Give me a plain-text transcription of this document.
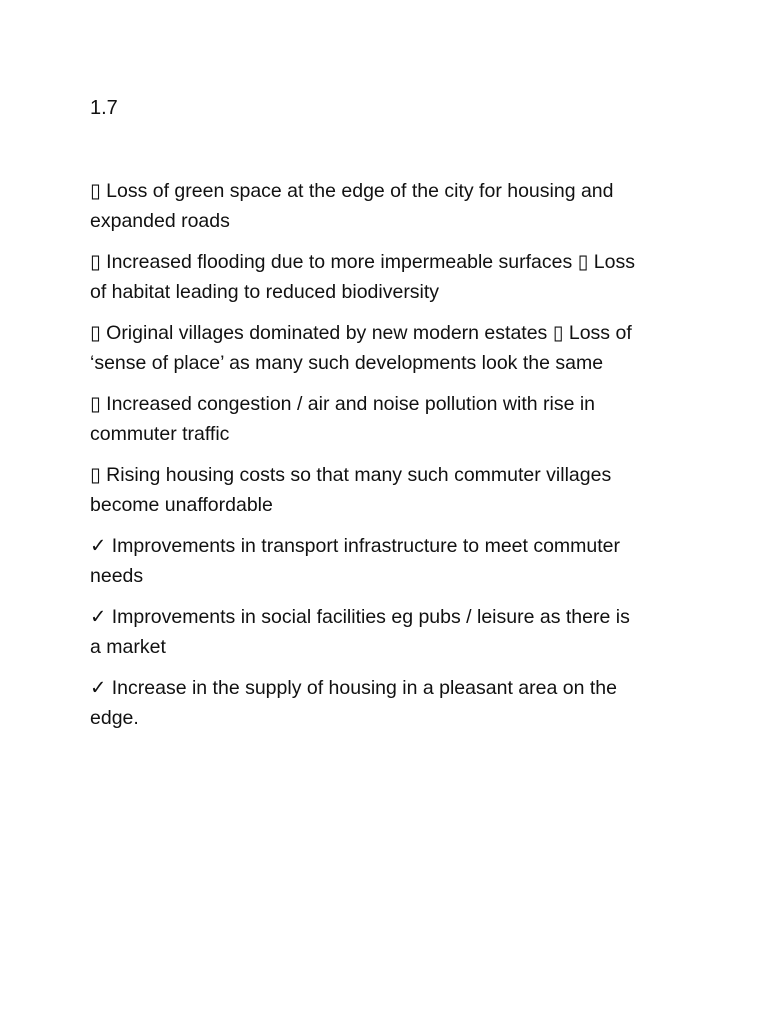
1.7
▯ Loss of green space at the edge of the city for housing and
expanded roads
▯ Increased flooding due to more impermeable surfaces ▯ Loss
of habitat leading to reduced biodiversity
▯ Original villages dominated by new modern estates ▯ Loss of
‘sense of place’ as many such developments look the same
▯ Increased congestion / air and noise pollution with rise in
commuter traffic
▯ Rising housing costs so that many such commuter villages
become unaffordable
✓ Improvements in transport infrastructure to meet commuter
needs
✓ Improvements in social facilities eg pubs / leisure as there is
a market
✓ Increase in the supply of housing in a pleasant area on the
edge.
